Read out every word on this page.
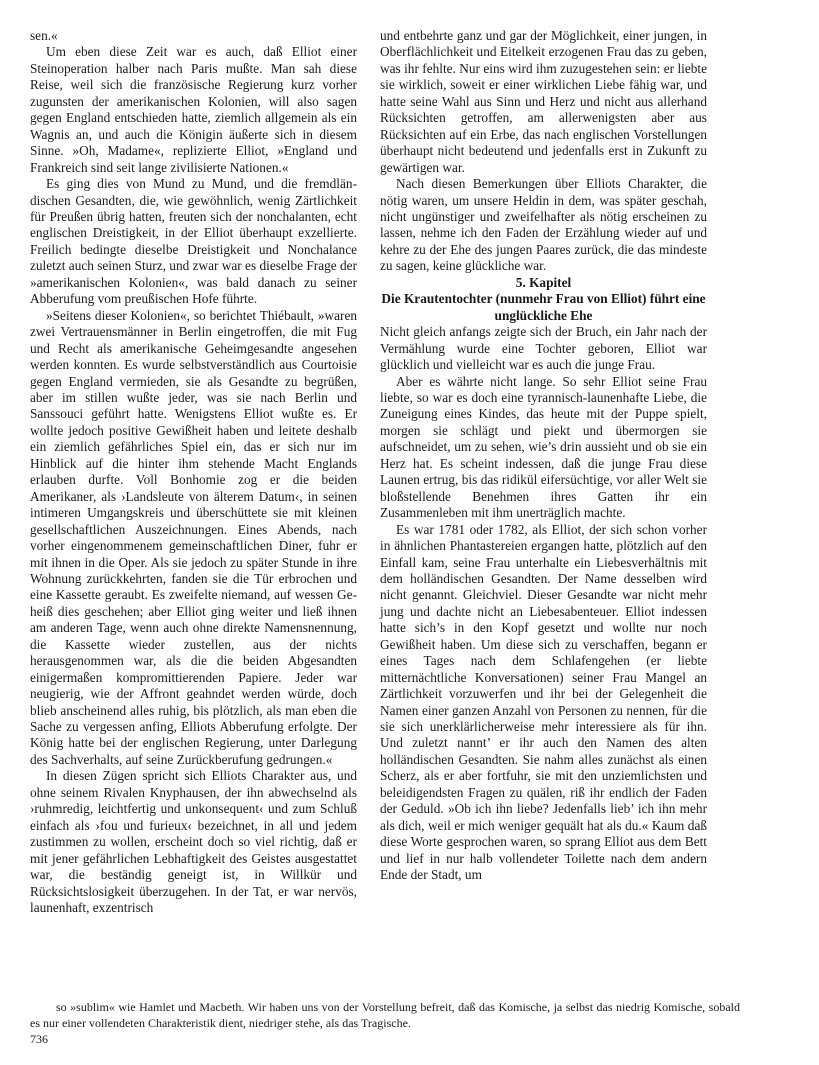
sen.«

Um eben diese Zeit war es auch, daß Elliot einer Steinoperation halber nach Paris mußte. Man sah diese Reise, weil sich die französische Regierung kurz vorher zugunsten der amerikanischen Kolonien, will also sagen gegen England entschieden hatte, ziemlich allgemein als ein Wagnis an, und auch die Königin äußerte sich in diesem Sinne. »Oh, Madame«, replizierte Elliot, »England und Frankreich sind seit lange zivilisierte Nationen.«

Es ging dies von Mund zu Mund, und die fremdländischen Gesandten, die, wie gewöhnlich, wenig Zärtlichkeit für Preußen übrig hatten, freuten sich der nonchalanten, echt englischen Dreistigkeit, in der Elliot überhaupt exzellierte. Freilich bedingte dieselbe Dreistigkeit und Nonchalance zuletzt auch seinen Sturz, und zwar war es dieselbe Frage der »amerikanischen Kolonien«, was bald danach zu seiner Abberufung vom preußischen Hofe führte.

»Seitens dieser Kolonien«, so berichtet Thiébault, »waren zwei Vertrauensmänner in Berlin eingetroffen, die mit Fug und Recht als amerikanische Geheimgesandte angesehen werden konnten. Es wurde selbstverständlich aus Courtoisie gegen England vermieden, sie als Gesandte zu begrüßen, aber im stillen wußte jeder, was sie nach Berlin und Sanssouci geführt hatte. Wenigstens Elliot wußte es. Er wollte jedoch positive Gewißheit haben und leitete deshalb ein ziemlich gefährliches Spiel ein, das er sich nur im Hinblick auf die hinter ihm stehende Macht Englands erlauben durfte. Voll Bonhomie zog er die beiden Amerikaner, als ›Landsleute von älterem Datum‹, in seinen intimeren Umgangskreis und überschüttete sie mit kleinen gesellschaftlichen Auszeichnungen. Eines Abends, nach vorher eingenommenem gemeinschaftlichen Diner, fuhr er mit ihnen in die Oper. Als sie jedoch zu später Stunde in ihre Wohnung zurückkehrten, fanden sie die Tür erbrochen und eine Kassette geraubt. Es zweifelte niemand, auf wessen Geheiß dies geschehen; aber Elliot ging weiter und ließ ihnen am anderen Tage, wenn auch ohne direkte Namensnennung, die Kassette wieder zustellen, aus der nichts herausgenommen war, als die die beiden Abgesandten einigermaßen kompromittierenden Papiere. Jeder war neugierig, wie der Affront geahndet werden würde, doch blieb anscheinend alles ruhig, bis plötzlich, als man eben die Sache zu vergessen anfing, Elliots Abberufung erfolgte. Der König hatte bei der englischen Regierung, unter Darlegung des Sachverhalts, auf seine Zurückberufung gedrungen.«

In diesen Zügen spricht sich Elliots Charakter aus, und ohne seinem Rivalen Knyphausen, der ihn abwechselnd als ›ruhmredig, leichtfertig und unkonsequent‹ und zum Schluß einfach als ›fou und furieux‹ bezeichnet, in all und jedem zustimmen zu wollen, erscheint doch so viel richtig, daß er mit jener gefährlichen Lebhaftigkeit des Geistes ausgestattet war, die beständig geneigt ist, in Willkür und Rücksichtslosigkeit überzugehen. In der Tat, er war nervös, launenhaft, exzentrisch

und entbehrte ganz und gar der Möglichkeit, einer jungen, in Oberflächlichkeit und Eitelkeit erzogenen Frau das zu geben, was ihr fehlte. Nur eins wird ihm zuzugestehen sein: er liebte sie wirklich, soweit er einer wirklichen Liebe fähig war, und hatte seine Wahl aus Sinn und Herz und nicht aus allerhand Rücksichten getroffen, am allerwenigsten aber aus Rücksichten auf ein Erbe, das nach englischen Vorstellungen überhaupt nicht bedeutend und jedenfalls erst in Zukunft zu gewärtigen war.

Nach diesen Bemerkungen über Elliots Charakter, die nötig waren, um unsere Heldin in dem, was später geschah, nicht ungünstiger und zweifelhafter als nötig erscheinen zu lassen, nehme ich den Faden der Erzählung wieder auf und kehre zu der Ehe des jungen Paares zurück, die das mindeste zu sagen, keine glückliche war.

5. Kapitel

Die Krautentochter (nunmehr Frau von Elliot) führt eine unglückliche Ehe

Nicht gleich anfangs zeigte sich der Bruch, ein Jahr nach der Vermählung wurde eine Tochter geboren, Elliot war glücklich und vielleicht war es auch die junge Frau.

Aber es währte nicht lange. So sehr Elliot seine Frau liebte, so war es doch eine tyrannisch-launenhafte Liebe, die Zuneigung eines Kindes, das heute mit der Puppe spielt, morgen sie schlägt und piekt und übermorgen sie aufschneidet, um zu sehen, wie’s drin aussieht und ob sie ein Herz hat. Es scheint indessen, daß die junge Frau diese Launen ertrug, bis das ridikül eifersüchtige, vor aller Welt sie bloßstellende Benehmen ihres Gatten ihr ein Zusammenleben mit ihm unerträglich machte.

Es war 1781 oder 1782, als Elliot, der sich schon vorher in ähnlichen Phantastereien ergangen hatte, plötzlich auf den Einfall kam, seine Frau unterhalte ein Liebesverhältnis mit dem holländischen Gesandten. Der Name desselben wird nicht genannt. Gleichviel. Dieser Gesandte war nicht mehr jung und dachte nicht an Liebesabenteuer. Elliot indessen hatte sich’s in den Kopf gesetzt und wollte nur noch Gewißheit haben. Um diese sich zu verschaffen, begann er eines Tages nach dem Schlafengehen (er liebte mitternächtliche Konversationen) seiner Frau Mangel an Zärtlichkeit vorzuwerfen und ihr bei der Gelegenheit die Namen einer ganzen Anzahl von Personen zu nennen, für die sie sich unerklärlicherweise mehr interessiere als für ihn. Und zuletzt nannt’ er ihr auch den Namen des alten holländischen Gesandten. Sie nahm alles zunächst als einen Scherz, als er aber fortfuhr, sie mit den unziemlichsten und beleidigendsten Fragen zu quälen, riß ihr endlich der Faden der Geduld. »Ob ich ihn liebe? Jedenfalls lieb’ ich ihn mehr als dich, weil er mich weniger gequält hat als du.« Kaum daß diese Worte gesprochen waren, so sprang Elliot aus dem Bett und lief in nur halb vollendeter Toilette nach dem andern Ende der Stadt, um

so »sublim« wie Hamlet und Macbeth. Wir haben uns von der Vorstellung befreit, daß das Komische, ja selbst das niedrig Komische, sobald es nur einer vollendeten Charakteristik dient, niedriger stehe, als das Tragische.

736
